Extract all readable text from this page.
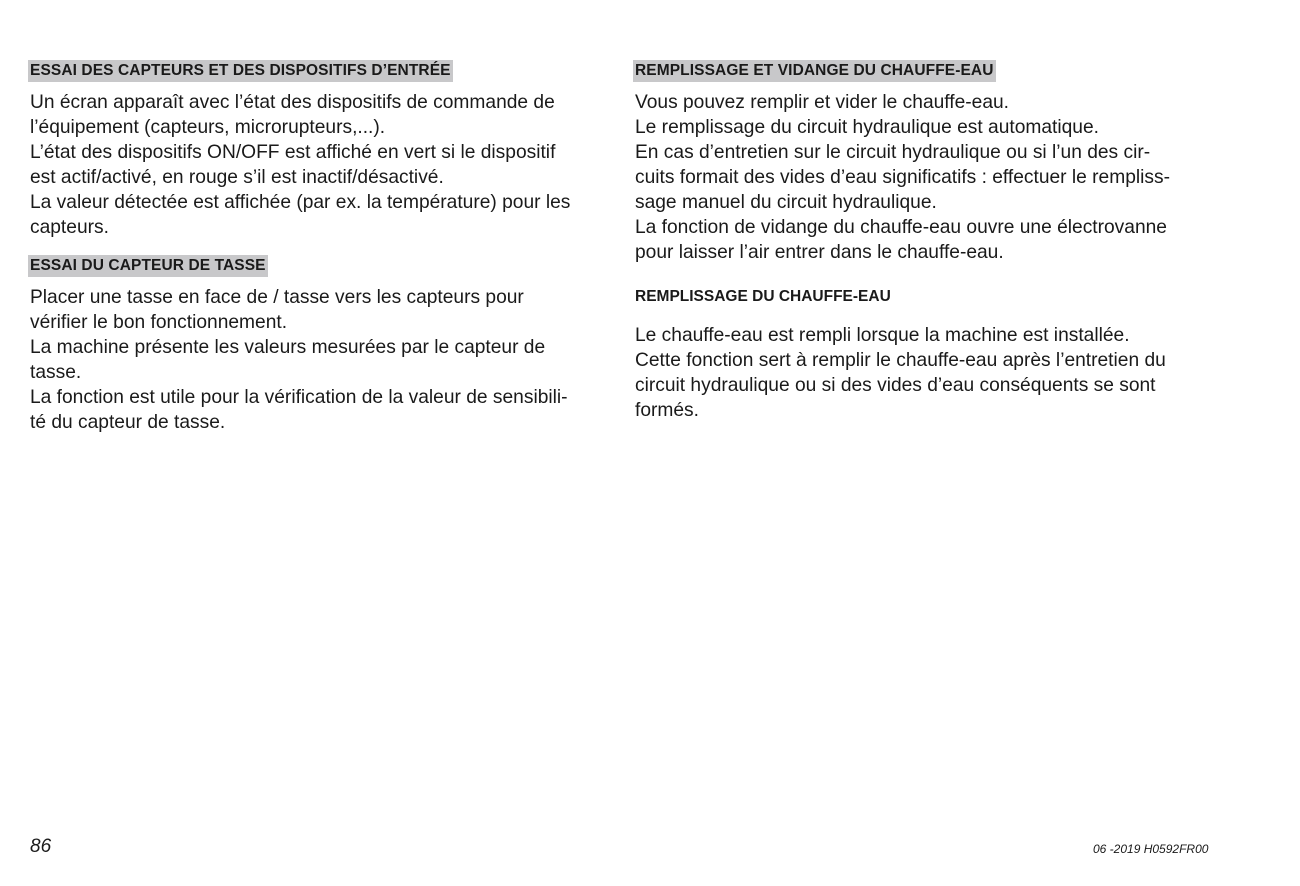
ESSAI DES CAPTEURS ET DES DISPOSITIFS D’ENTRÉE

Un écran apparaît avec l’état des dispositifs de commande de

l’équipement (capteurs, microrupteurs,...).

L’état des dispositifs ON/OFF est affiché en vert si le dispositif

est actif/activé, en rouge s’il est inactif/désactivé.

La valeur détectée est affichée (par ex. la température) pour les

capteurs.

ESSAI DU CAPTEUR DE TASSE

Placer une tasse en face de / tasse vers les capteurs pour

vérifier le bon fonctionnement.

La machine présente les valeurs mesurées par le capteur de

tasse.

La fonction est utile pour la vérification de la valeur de sensibili-

té du capteur de tasse.

REMPLISSAGE ET VIDANGE DU CHAUFFE-EAU

Vous pouvez remplir et vider le chauffe-eau.

Le remplissage du circuit hydraulique est automatique.

En cas d’entretien sur le circuit hydraulique ou si l’un des cir-

cuits formait des vides d’eau significatifs : effectuer le rempliss-

sage manuel du circuit hydraulique.

La fonction de vidange du chauffe-eau ouvre une électrovanne

pour laisser l’air entrer dans le chauffe-eau.

REMPLISSAGE DU CHAUFFE-EAU

Le chauffe-eau est rempli lorsque la machine est installée.

Cette fonction sert à remplir le chauffe-eau après l’entretien du

circuit hydraulique ou si des vides d’eau conséquents se sont

formés.

86	06 -2019 H0592FR00
